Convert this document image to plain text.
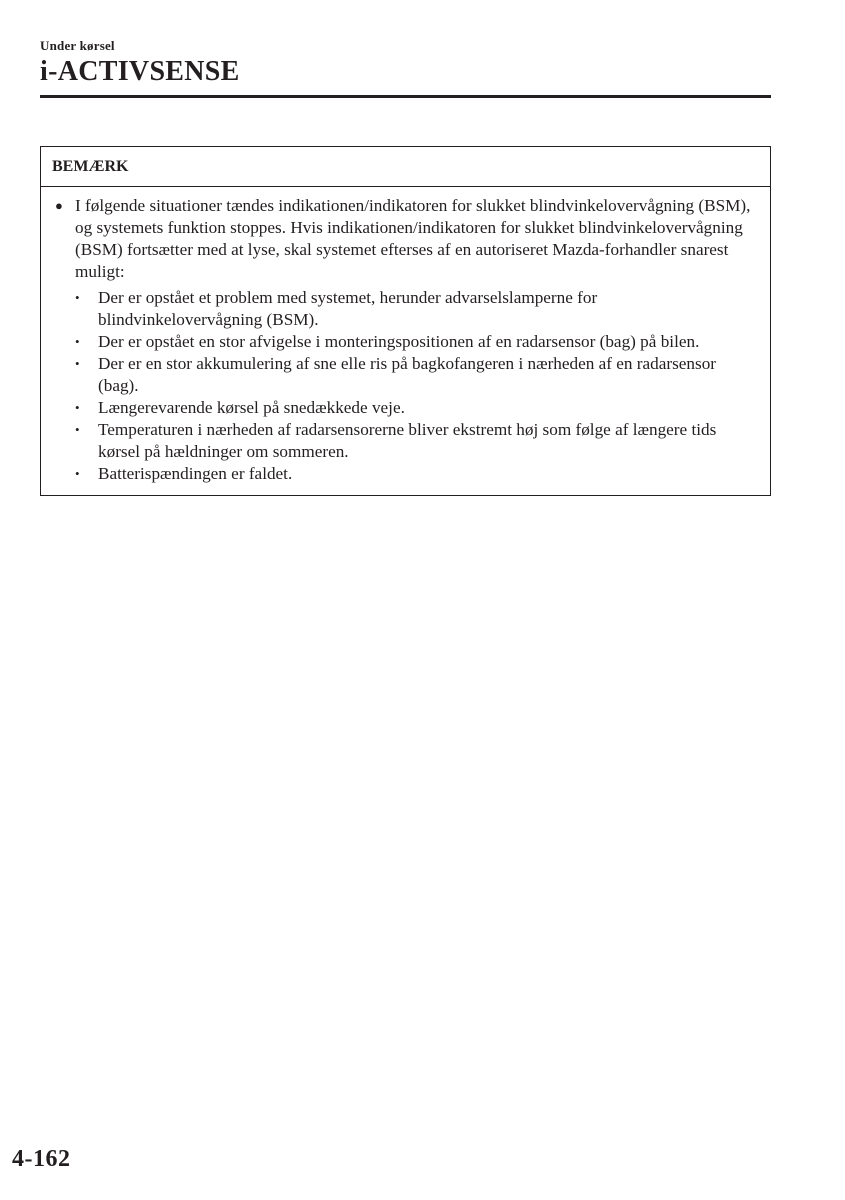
Under kørsel
i-ACTIVSENSE
BEMÆRK
● I følgende situationer tændes indikationen/indikatoren for slukket blindvinkelovervågning (BSM), og systemets funktion stoppes. Hvis indikationen/indikatoren for slukket blindvinkelovervågning (BSM) fortsætter med at lyse, skal systemet efterses af en autoriseret Mazda-forhandler snarest muligt:
•	Der er opstået et problem med systemet, herunder advarselslamperne for blindvinkelovervågning (BSM).
•	Der er opstået en stor afvigelse i monteringspositionen af en radarsensor (bag) på bilen.
•	Der er en stor akkumulering af sne elle ris på bagkofangeren i nærheden af en radarsensor (bag).
•	Længerevarende kørsel på snedækkede veje.
•	Temperaturen i nærheden af radarsensorerne bliver ekstremt høj som følge af længere tids kørsel på hældninger om sommeren.
•	Batterispændingen er faldet.
4-162
